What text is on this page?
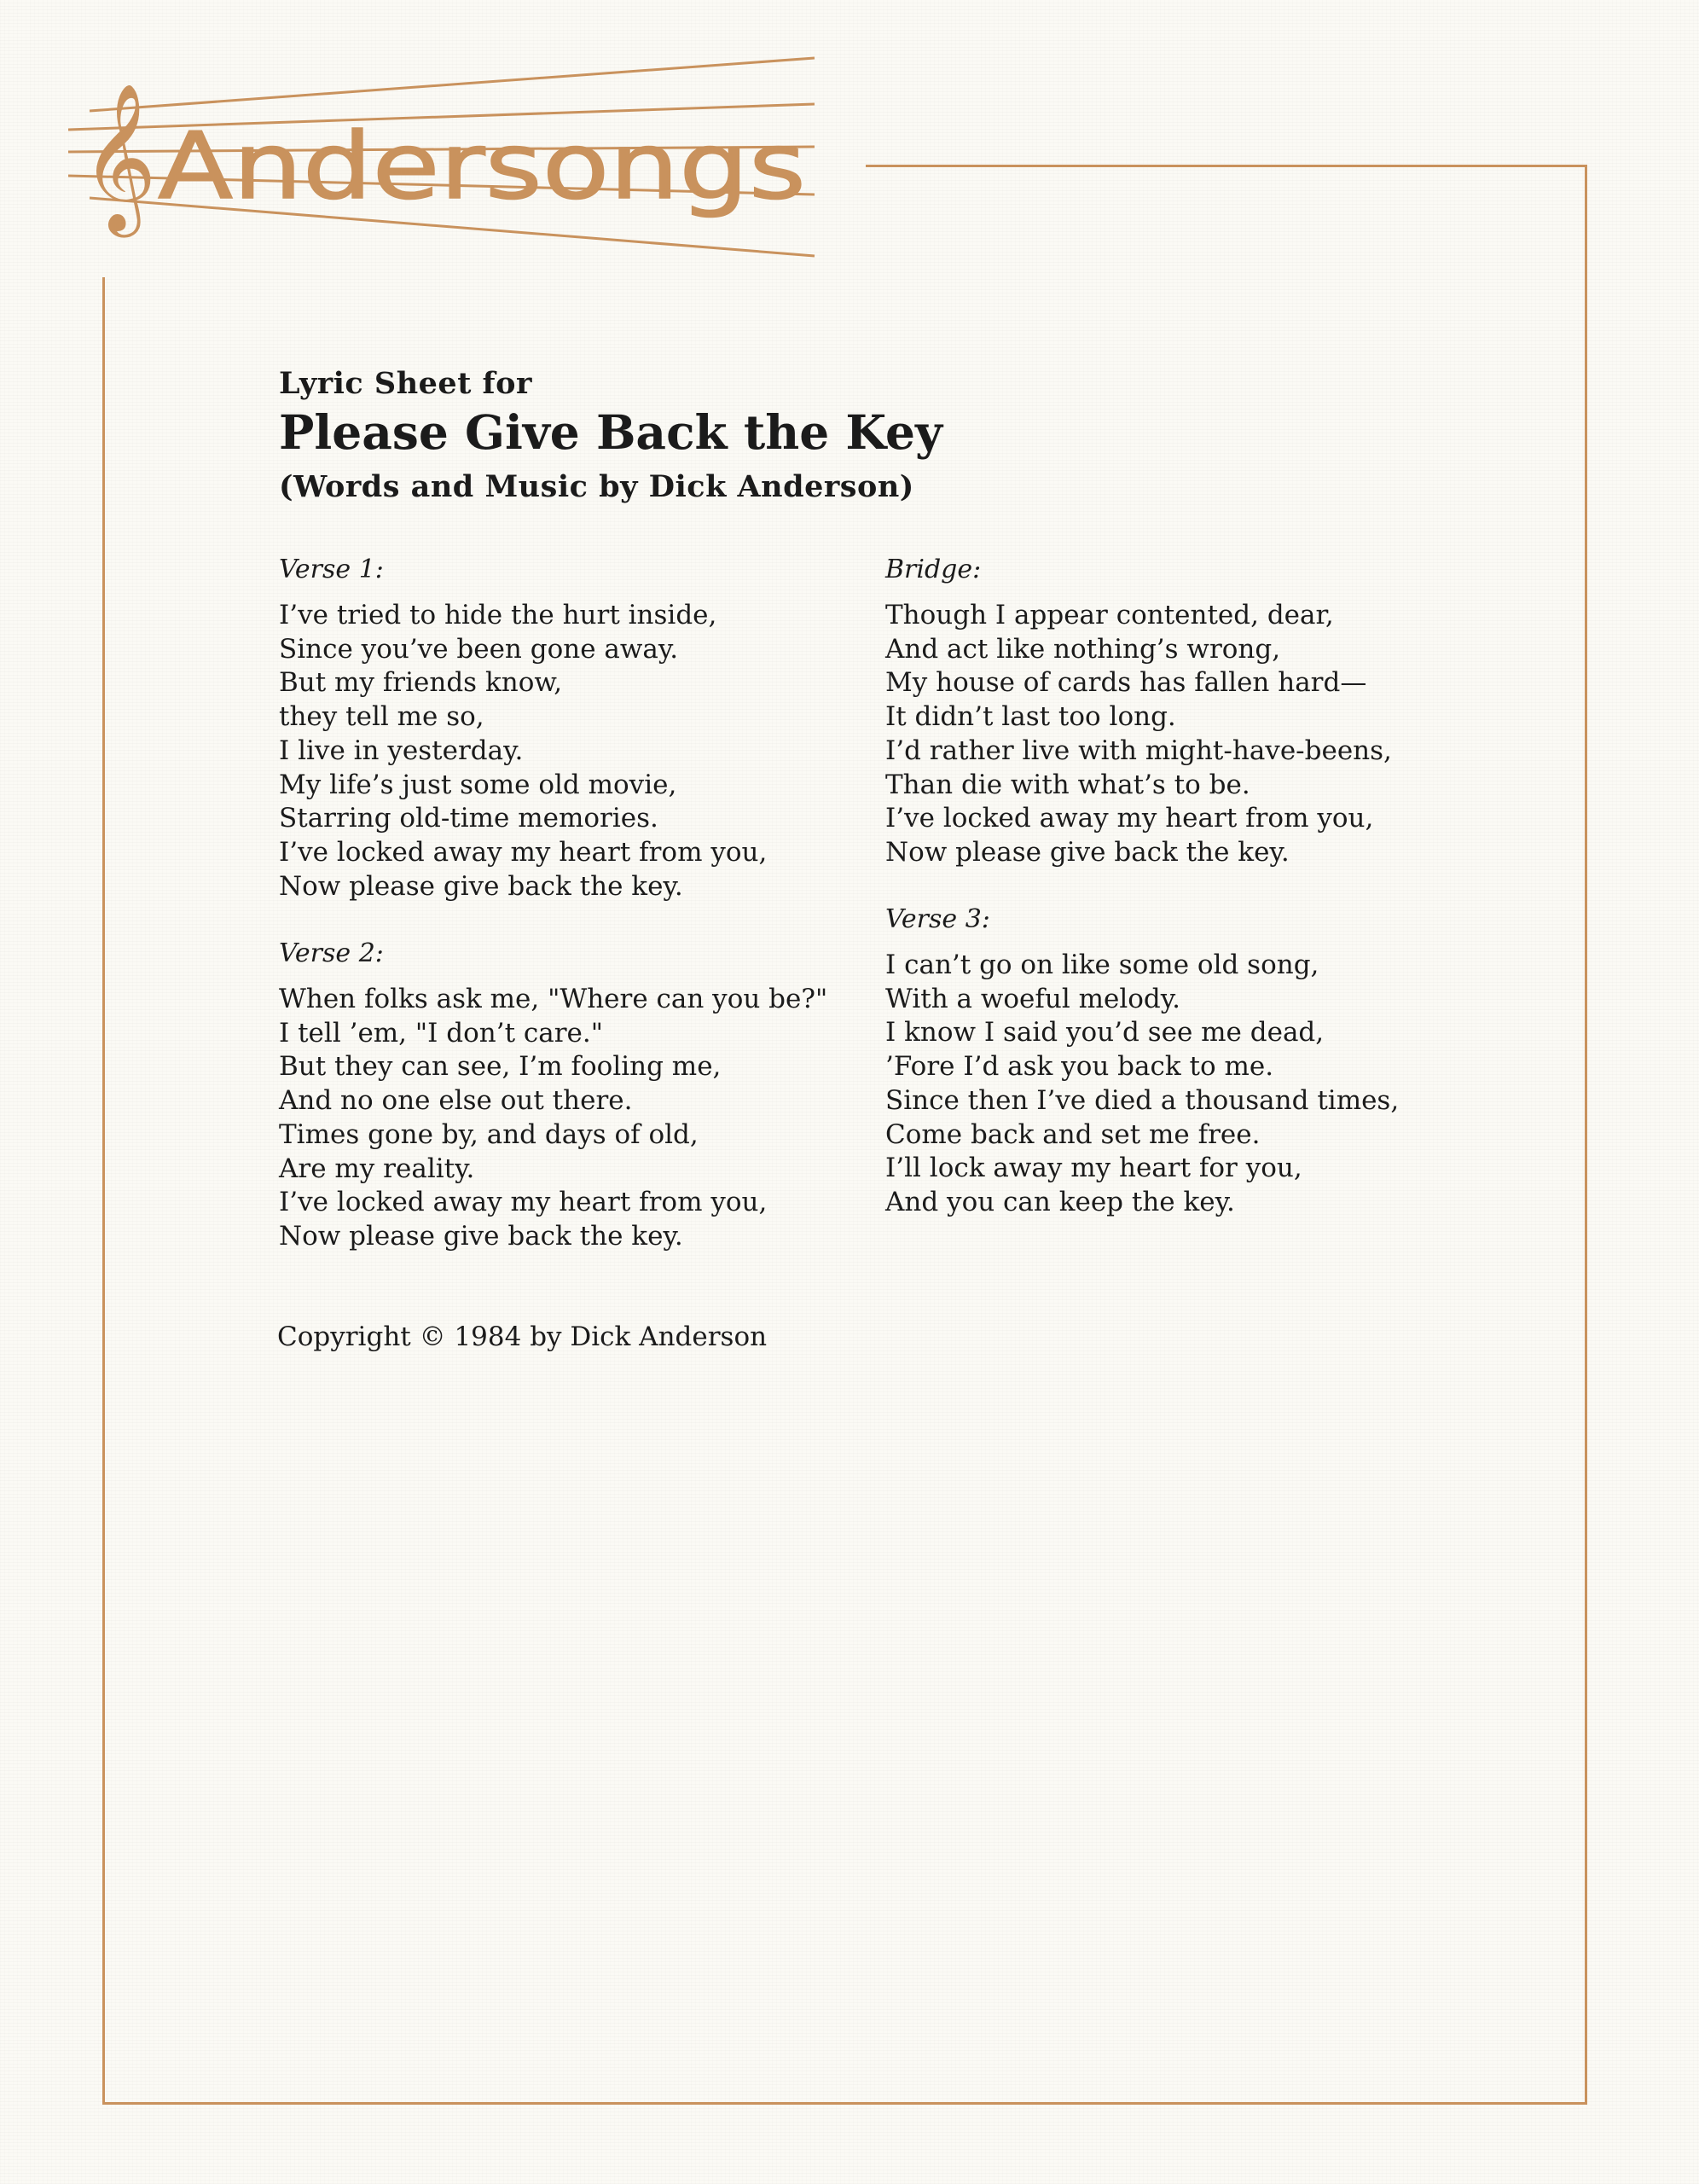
𝄞 Andersongs
Lyric Sheet for
Please Give Back the Key
(Words and Music by Dick Anderson)
Verse 1:
I’ve tried to hide the hurt inside,
Since you’ve been gone away.
But my friends know,
they tell me so,
I live in yesterday.
My life’s just some old movie,
Starring old-time memories.
I’ve locked away my heart from you,
Now please give back the key.
Verse 2:
When folks ask me, "Where can you be?"
I tell ’em, "I don’t care."
But they can see, I’m fooling me,
And no one else out there.
Times gone by, and days of old,
Are my reality.
I’ve locked away my heart from you,
Now please give back the key.
Bridge:
Though I appear contented, dear,
And act like nothing’s wrong,
My house of cards has fallen hard—
It didn’t last too long.
I’d rather live with might-have-beens,
Than die with what’s to be.
I’ve locked away my heart from you,
Now please give back the key.
Verse 3:
I can’t go on like some old song,
With a woeful melody.
I know I said you’d see me dead,
’Fore I’d ask you back to me.
Since then I’ve died a thousand times,
Come back and set me free.
I’ll lock away my heart for you,
And you can keep the key.
Copyright © 1984 by Dick Anderson
